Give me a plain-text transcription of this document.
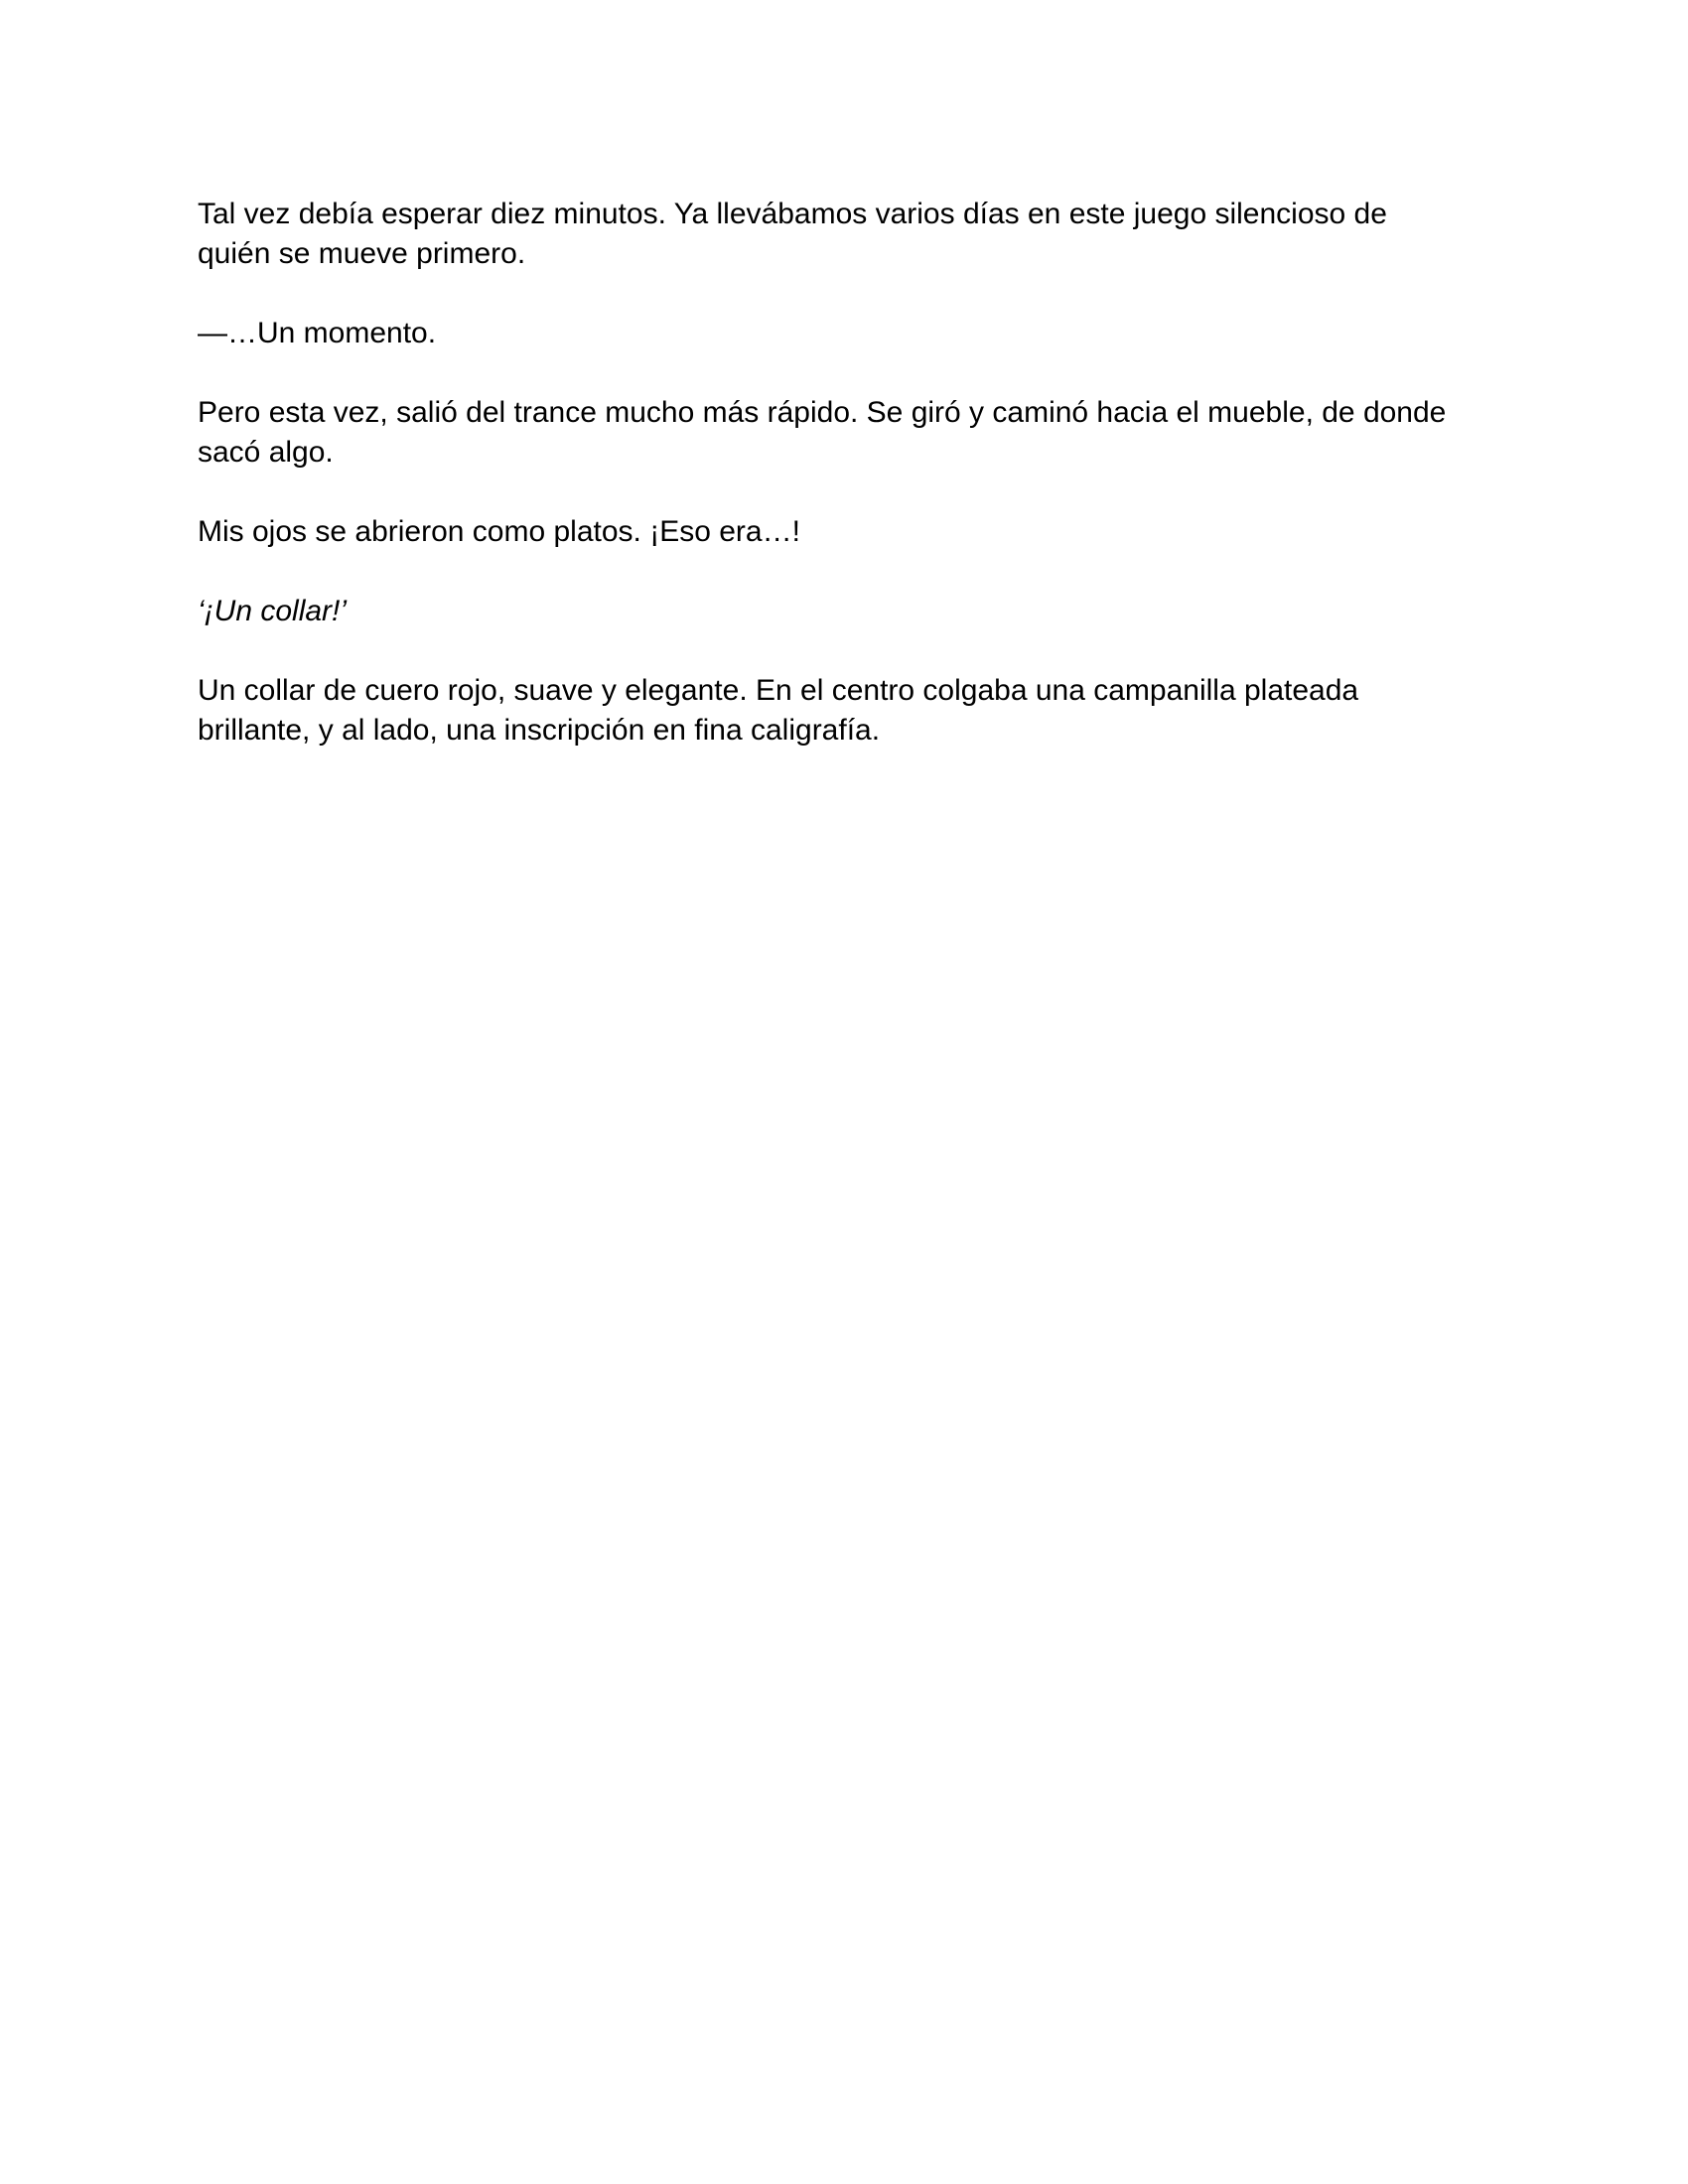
Tal vez debía esperar diez minutos. Ya llevábamos varios días en este juego silencioso de
quién se mueve primero.

—…Un momento.

Pero esta vez, salió del trance mucho más rápido. Se giró y caminó hacia el mueble, de donde
sacó algo.

Mis ojos se abrieron como platos. ¡Eso era…!

‘¡Un collar!’

Un collar de cuero rojo, suave y elegante. En el centro colgaba una campanilla plateada
brillante, y al lado, una inscripción en fina caligrafía.
